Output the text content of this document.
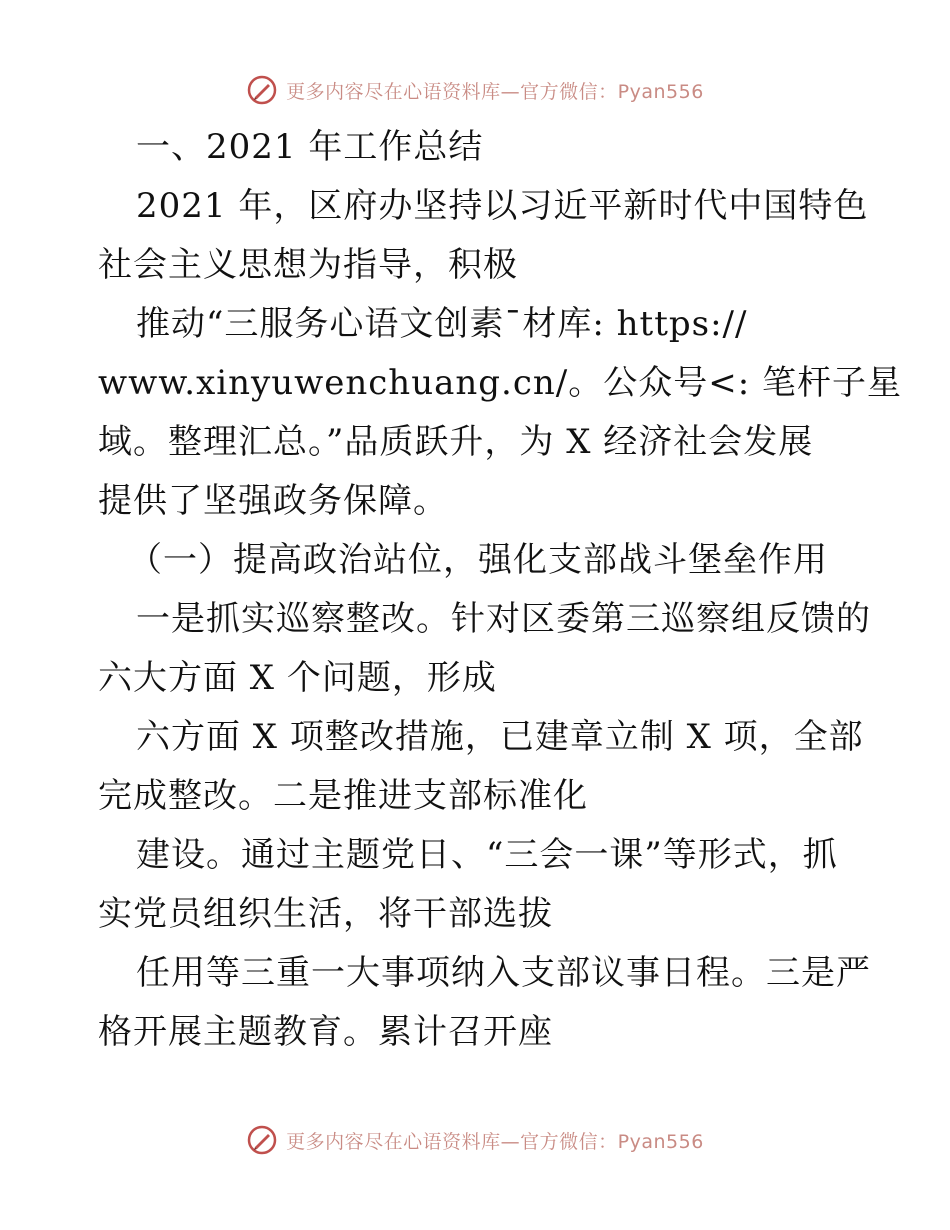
更多内容尽在心语资料库—官方微信：Pyan556
一、2021 年工作总结
2021 年，区府办坚持以习近平新时代中国特色
社会主义思想为指导，积极
推动“三服务心语文创素¯材库: https://
www.xinyuwenchuang.cn/。公众号<: 笔杆子星
域。整理汇总。”品质跃升，为 X 经济社会发展
提供了坚强政务保障。
（一）提高政治站位，强化支部战斗堡垒作用
一是抓实巡察整改。针对区委第三巡察组反馈的
六大方面 X 个问题，形成
六方面 X 项整改措施，已建章立制 X 项，全部
完成整改。二是推进支部标准化
建设。通过主题党日、“三会一课”等形式，抓
实党员组织生活，将干部选拔
任用等三重一大事项纳入支部议事日程。三是严
格开展主题教育。累计召开座
更多内容尽在心语资料库—官方微信：Pyan556
